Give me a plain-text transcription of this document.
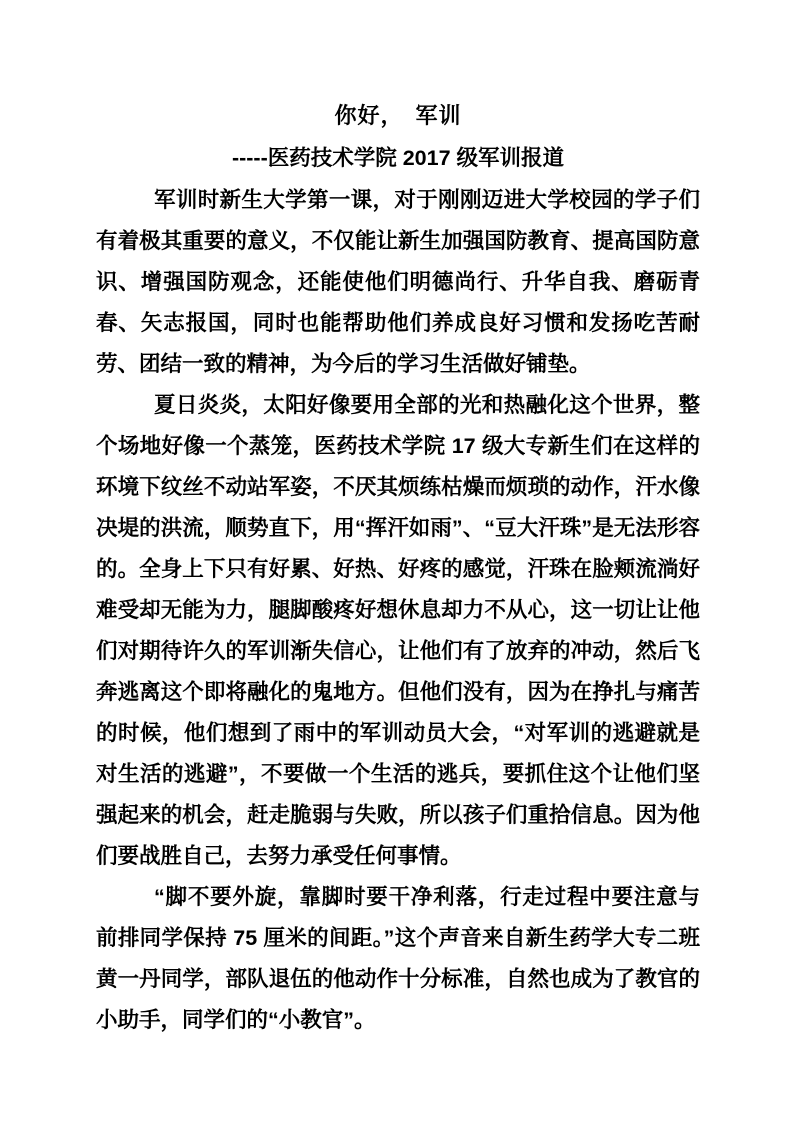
你好，　军训
-----医药技术学院 2017 级军训报道

军训时新生大学第一课，对于刚刚迈进大学校园的学子们有着极其重要的意义，不仅能让新生加强国防教育、提高国防意识、增强国防观念，还能使他们明德尚行、升华自我、磨砺青春、矢志报国，同时也能帮助他们养成良好习惯和发扬吃苦耐劳、团结一致的精神，为今后的学习生活做好铺垫。

夏日炎炎，太阳好像要用全部的光和热融化这个世界，整个场地好像一个蒸笼，医药技术学院 17 级大专新生们在这样的环境下纹丝不动站军姿，不厌其烦练枯燥而烦琐的动作，汗水像决堤的洪流，顺势直下，用“挥汗如雨”、“豆大汗珠”是无法形容的。全身上下只有好累、好热、好疼的感觉，汗珠在脸颊流淌好难受却无能为力，腿脚酸疼好想休息却力不从心，这一切让让他们对期待许久的军训渐失信心，让他们有了放弃的冲动，然后飞奔逃离这个即将融化的鬼地方。但他们没有，因为在挣扎与痛苦的时候，他们想到了雨中的军训动员大会，“对军训的逃避就是对生活的逃避”，不要做一个生活的逃兵，要抓住这个让他们坚强起来的机会，赶走脆弱与失败，所以孩子们重拾信息。因为他们要战胜自己，去努力承受任何事情。

“脚不要外旋，靠脚时要干净利落，行走过程中要注意与前排同学保持 75 厘米的间距。”这个声音来自新生药学大专二班黄一丹同学，部队退伍的他动作十分标准，自然也成为了教官的小助手，同学们的“小教官”。
